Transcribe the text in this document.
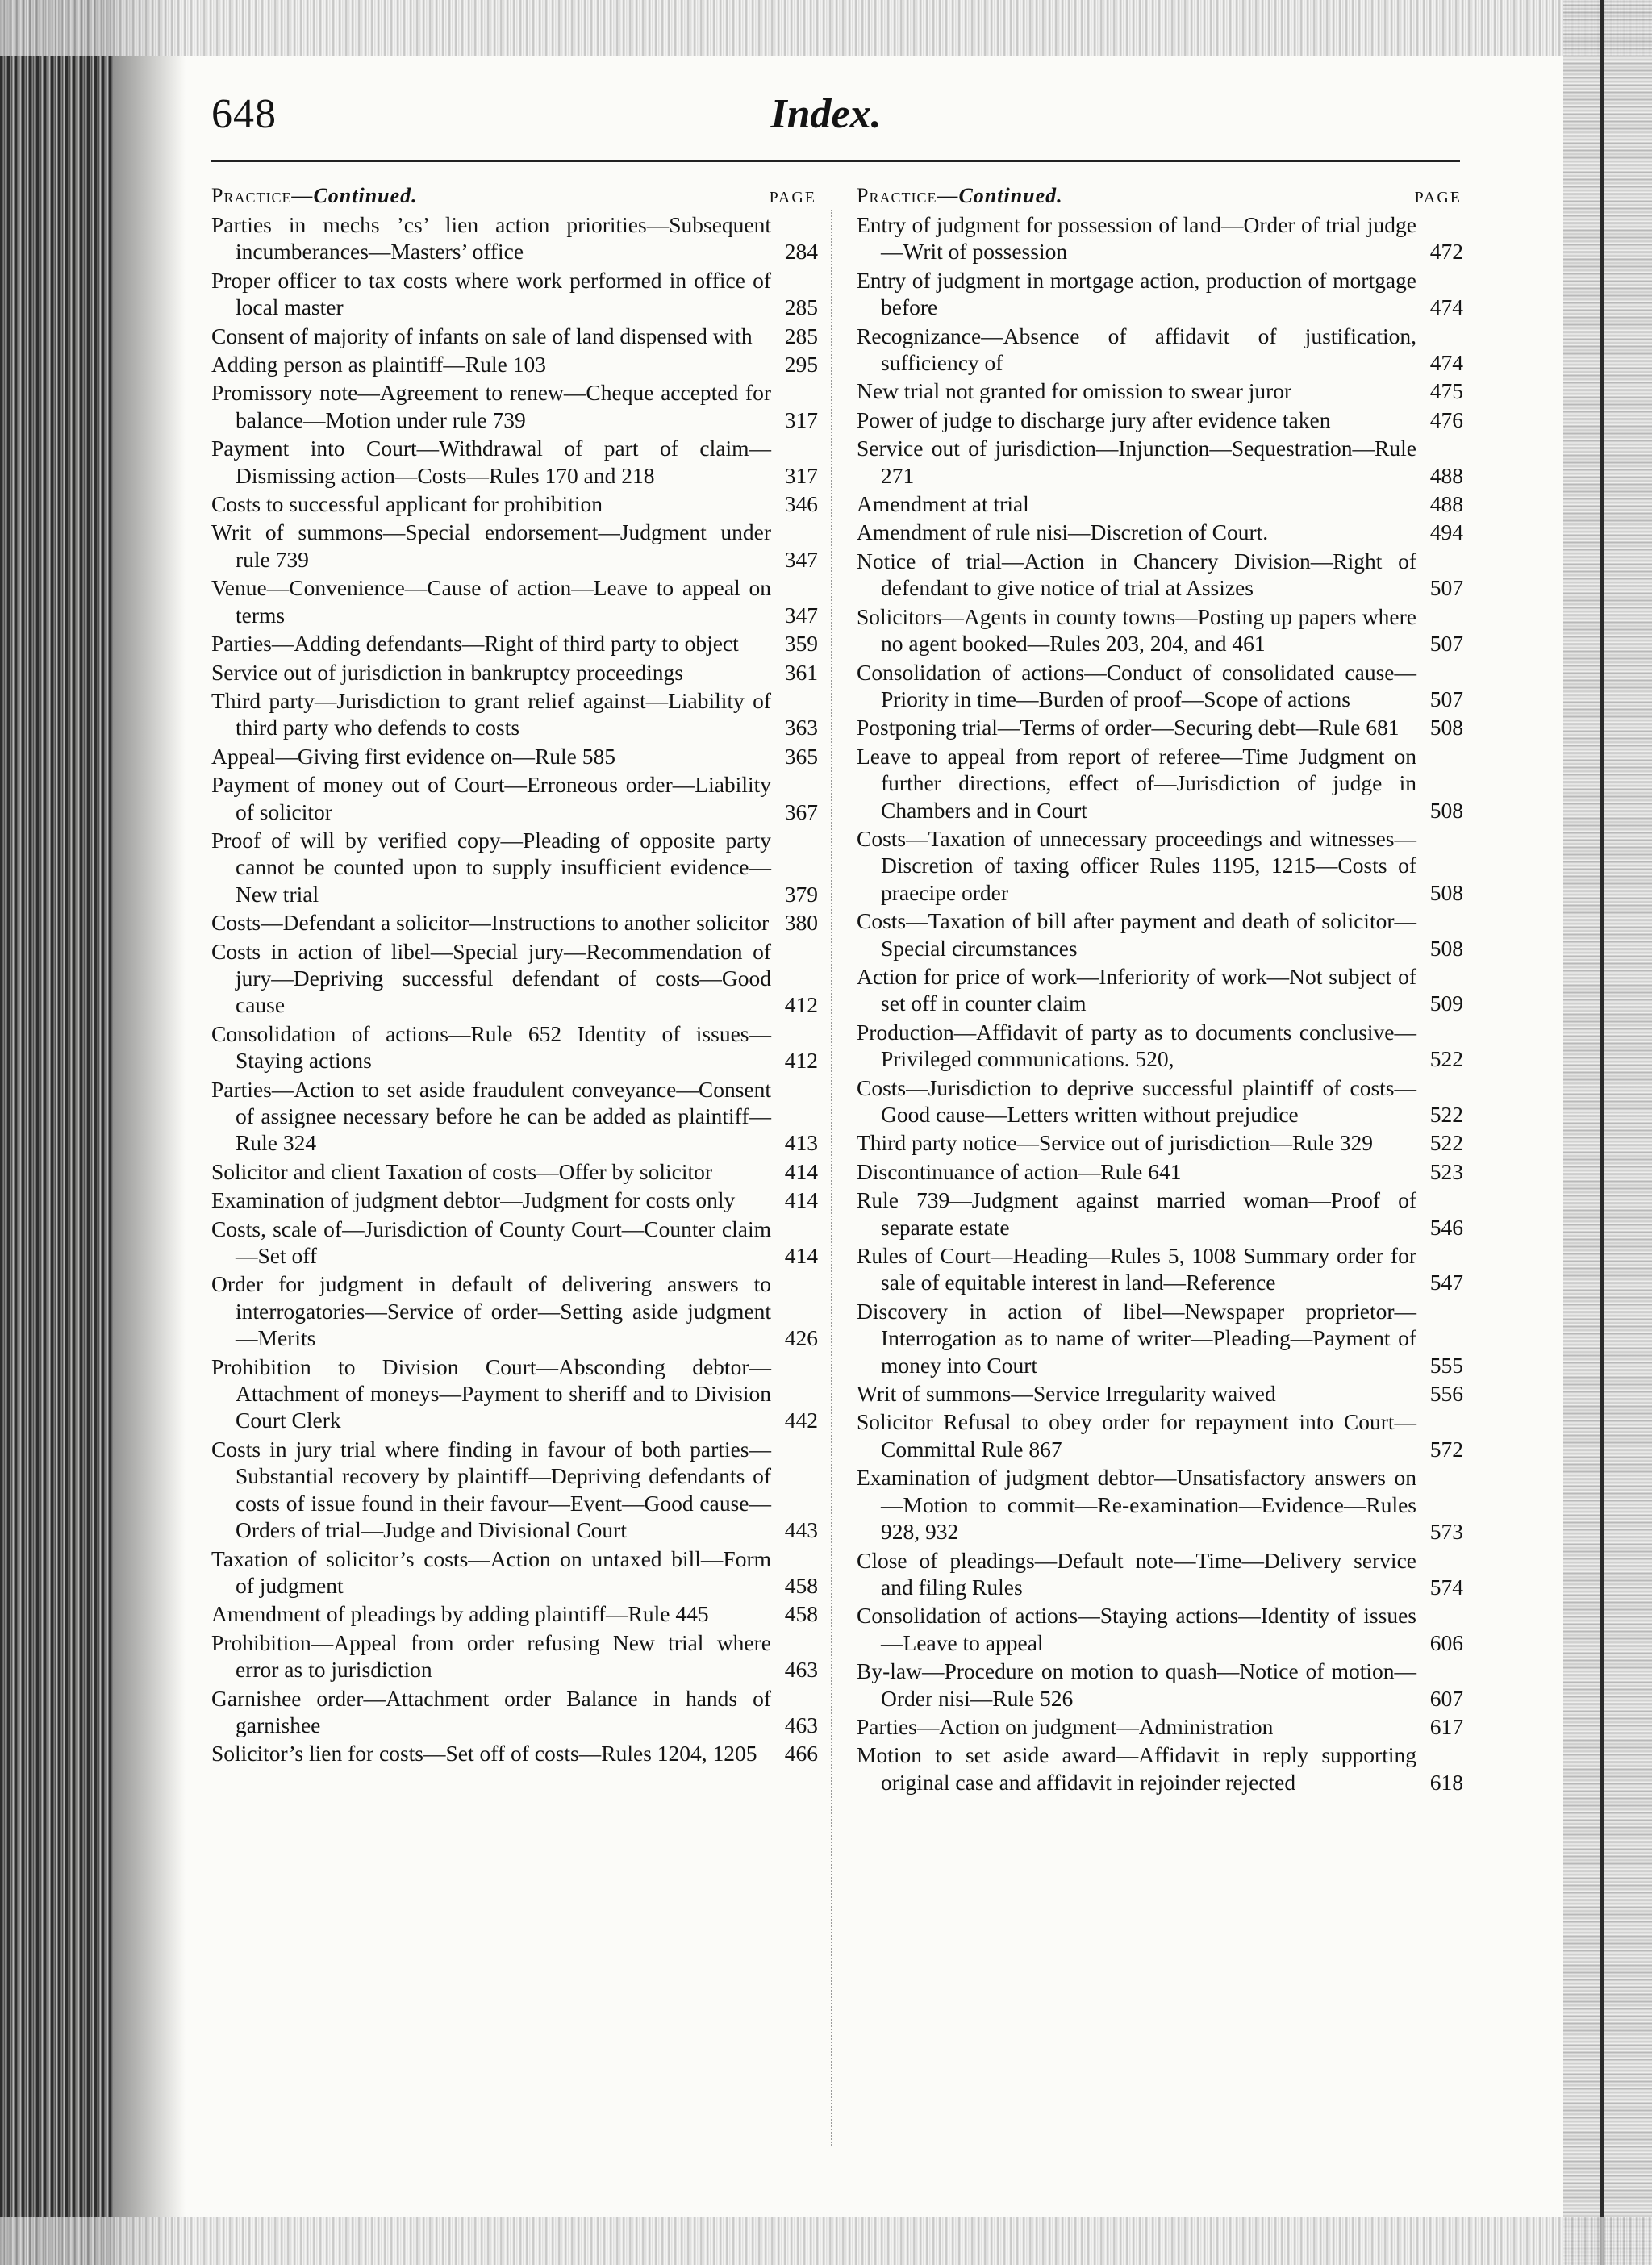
648	Index.
Practice—Continued.	PAGE
Parties in mechs ’cs’ lien action priorities—Subsequent incumberances—Masters’ office	284
Proper officer to tax costs where work performed in office of local master	285
Consent of majority of infants on sale of land dispensed with	285
Adding person as plaintiff—Rule 103	295
Promissory note—Agreement to renew—Cheque accepted for balance—Motion under rule 739	317
Payment into Court—Withdrawal of part of claim—Dismissing action—Costs—Rules 170 and 218	317
Costs to successful applicant for prohibition	346
Writ of summons—Special endorsement—Judgment under rule 739	347
Venue—Convenience—Cause of action—Leave to appeal on terms	347
Parties—Adding defendants—Right of third party to object	359
Service out of jurisdiction in bankruptcy proceedings	361
Third party—Jurisdiction to grant relief against—Liability of third party who defends to costs	363
Appeal—Giving first evidence on—Rule 585	365
Payment of money out of Court—Erroneous order—Liability of solicitor	367
Proof of will by verified copy—Pleading of opposite party cannot be counted upon to supply insufficient evidence—New trial	379
Costs—Defendant a solicitor—Instructions to another solicitor 380
Costs in action of libel—Special jury—Recommendation of jury—Depriving successful defendant of costs—Good cause	412
Consolidation of actions—Rule 652 Identity of issues—Staying actions	412
Parties—Action to set aside fraudulent conveyance—Consent of assignee necessary before he can be added as plaintiff—Rule 324	413
Solicitor and client Taxation of costs—Offer by solicitor	414
Examination of judgment debtor—Judgment for costs only	414
Costs, scale of—Jurisdiction of County Court—Counter claim—Set off	414
Order for judgment in default of delivering answers to interrogatories—Service of order—Setting aside judgment—Merits	426
Prohibition to Division Court—Absconding debtor—Attachment of moneys—Payment to sheriff and to Division Court Clerk	442
Costs in jury trial where finding in favour of both parties—Substantial recovery by plaintiff—Depriving defendants of costs of issue found in their favour—Event—Good cause—Orders of trial—Judge and Divisional Court	443
Taxation of solicitor’s costs—Action on untaxed bill—Form of judgment	458
Amendment of pleadings by adding plaintiff—Rule 445	458
Prohibition—Appeal from order refusing New trial where error as to jurisdiction	463
Garnishee order—Attachment order Balance in hands of garnishee	463
Solicitor’s lien for costs—Set off of costs—Rules 1204, 1205	466
Practice—Continued.	PAGE
Entry of judgment for possession of land—Order of trial judge—Writ of possession	472
Entry of judgment in mortgage action, production of mortgage before	474
Recognizance—Absence of affidavit of justification, sufficiency of	474
New trial not granted for omission to swear juror	475
Power of judge to discharge jury after evidence taken	476
Service out of jurisdiction—Injunction—Sequestration—Rule 271	488
Amendment at trial	488
Amendment of rule nisi—Discretion of Court.	494
Notice of trial—Action in Chancery Division—Right of defendant to give notice of trial at Assizes	507
Solicitors—Agents in county towns—Posting up papers where no agent booked—Rules 203, 204, and 461	507
Consolidation of actions—Conduct of consolidated cause—Priority in time—Burden of proof—Scope of actions	507
Postponing trial—Terms of order—Securing debt—Rule 681	508
Leave to appeal from report of referee—Time Judgment on further directions, effect of—Jurisdiction of judge in Chambers and in Court	508
Costs—Taxation of unnecessary proceedings and witnesses—Discretion of taxing officer Rules 1195, 1215—Costs of praecipe order	508
Costs—Taxation of bill after payment and death of solicitor—Special circumstances	508
Action for price of work—Inferiority of work—Not subject of set off in counter claim	509
Production—Affidavit of party as to documents conclusive—Privileged communications. 520,	522
Costs—Jurisdiction to deprive successful plaintiff of costs—Good cause—Letters written without prejudice	522
Third party notice—Service out of jurisdiction—Rule 329	522
Discontinuance of action—Rule 641	523
Rule 739—Judgment against married woman—Proof of separate estate	546
Rules of Court—Heading—Rules 5, 1008 Summary order for sale of equitable interest in land—Reference	547
Discovery in action of libel—Newspaper proprietor—Interrogation as to name of writer—Pleading—Payment of money into Court	555
Writ of summons—Service Irregularity waived	556
Solicitor Refusal to obey order for repayment into Court—Committal Rule 867	572
Examination of judgment debtor—Unsatisfactory answers on—Motion to commit—Re-examination—Evidence—Rules 928, 932	573
Close of pleadings—Default note—Time—Delivery service and filing Rules	574
Consolidation of actions—Staying actions—Identity of issues—Leave to appeal	606
By-law—Procedure on motion to quash—Notice of motion—Order nisi—Rule 526	607
Parties—Action on judgment—Administration	617
Motion to set aside award—Affidavit in reply supporting original case and affidavit in rejoinder rejected	618
